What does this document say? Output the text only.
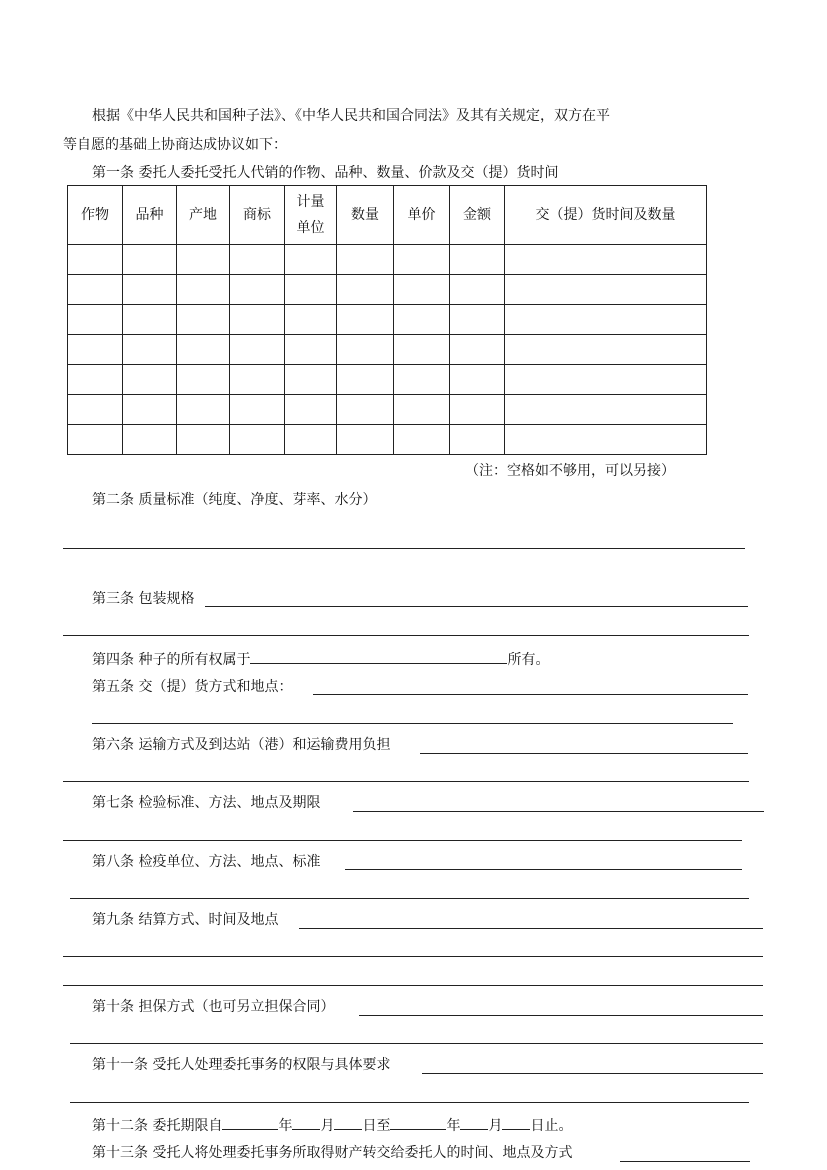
根据《中华人民共和国种子法》、《中华人民共和国合同法》及其有关规定，双方在平
等自愿的基础上协商达成协议如下：
第一条 委托人委托受托人代销的作物、品种、数量、价款及交（提）货时间
作物	品种	产地	商标	计量单位	数量	单价	金额	交（提）货时间及数量

（注：空格如不够用，可以另接）
第二条 质量标准（纯度、净度、芽率、水分）
第三条 包装规格
第四条 种子的所有权属于	所有。
第五条 交（提）货方式和地点：
第六条 运输方式及到达站（港）和运输费用负担
第七条 检验标准、方法、地点及期限
第八条 检疫单位、方法、地点、标准
第九条 结算方式、时间及地点
第十条 担保方式（也可另立担保合同）
第十一条 受托人处理委托事务的权限与具体要求
第十二条 委托期限自	年 月 日至	年 月 日止。
第十三条 受托人将处理委托事务所取得财产转交给委托人的时间、地点及方式
